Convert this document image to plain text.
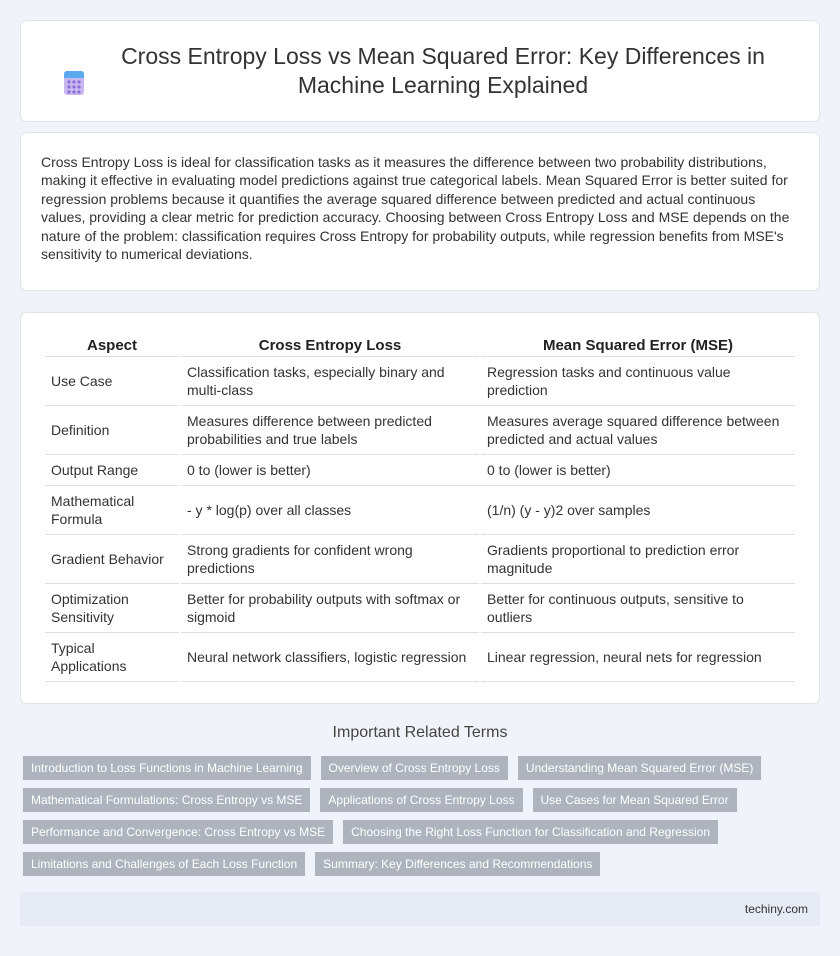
Cross Entropy Loss vs Mean Squared Error: Key Differences in Machine Learning Explained

Cross Entropy Loss is ideal for classification tasks as it measures the difference between two probability distributions, making it effective in evaluating model predictions against true categorical labels. Mean Squared Error is better suited for regression problems because it quantifies the average squared difference between predicted and actual continuous values, providing a clear metric for prediction accuracy. Choosing between Cross Entropy Loss and MSE depends on the nature of the problem: classification requires Cross Entropy for probability outputs, while regression benefits from MSE's sensitivity to numerical deviations.

Aspect	Cross Entropy Loss	Mean Squared Error (MSE)
Use Case	Classification tasks, especially binary and multi-class	Regression tasks and continuous value prediction
Definition	Measures difference between predicted probabilities and true labels	Measures average squared difference between predicted and actual values
Output Range	0 to (lower is better)	0 to (lower is better)
Mathematical Formula	- y * log(p) over all classes	(1/n) (y - y)2 over samples
Gradient Behavior	Strong gradients for confident wrong predictions	Gradients proportional to prediction error magnitude
Optimization Sensitivity	Better for probability outputs with softmax or sigmoid	Better for continuous outputs, sensitive to outliers
Typical Applications	Neural network classifiers, logistic regression	Linear regression, neural nets for regression
Important Related Terms
Introduction to Loss Functions in Machine Learning	Overview of Cross Entropy Loss	Understanding Mean Squared Error (MSE)
Mathematical Formulations: Cross Entropy vs MSE	Applications of Cross Entropy Loss	Use Cases for Mean Squared Error
Performance and Convergence: Cross Entropy vs MSE	Choosing the Right Loss Function for Classification and Regression
Limitations and Challenges of Each Loss Function	Summary: Key Differences and Recommendations
techiny.com
